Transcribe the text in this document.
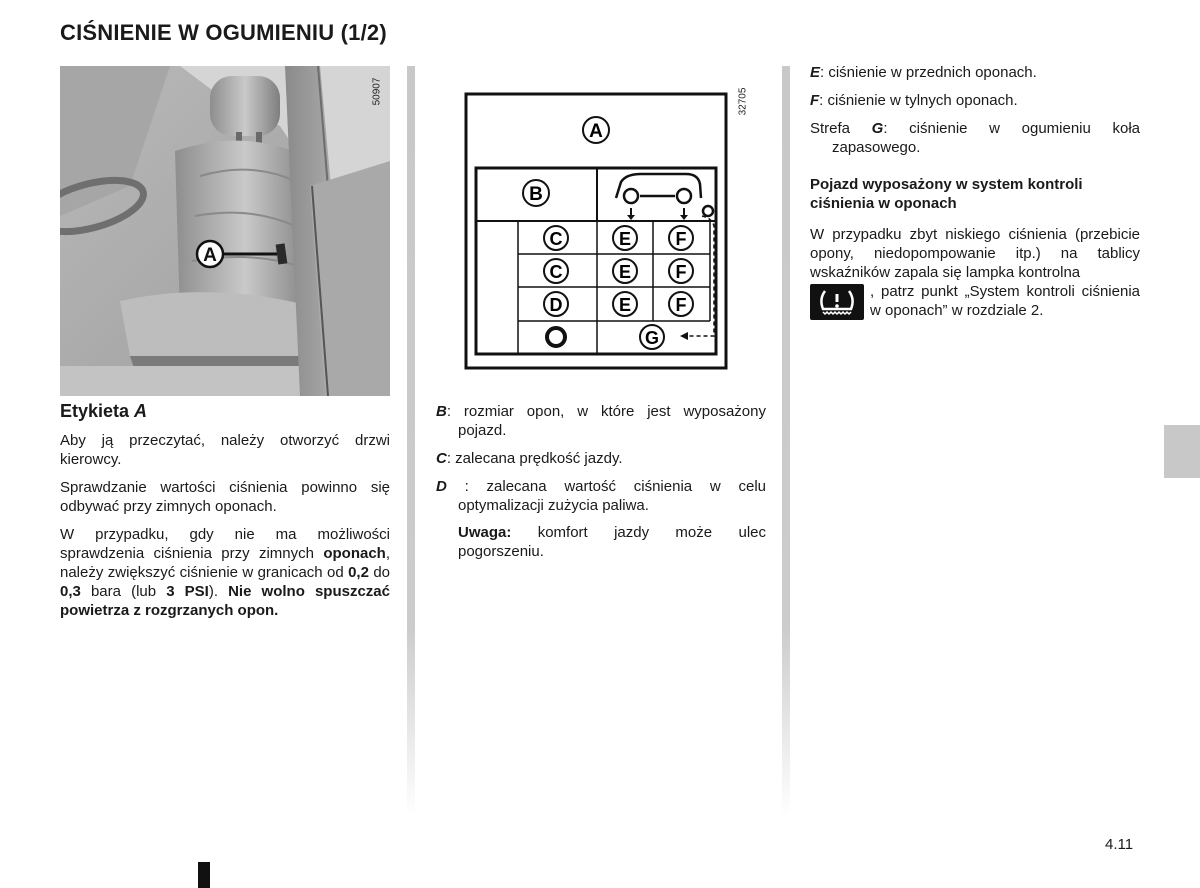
CIŚNIENIE W OGUMIENIU (1/2)
A
50907
Etykieta A

Aby ją przeczytać, należy otworzyć drzwi kierowcy.

Sprawdzanie wartości ciśnienia powinno się odbywać przy zimnych oponach.

W przypadku, gdy nie ma możliwości sprawdzenia ciśnienia przy zimnych oponach, należy zwiększyć ciśnienie w granicach od 0,2 do 0,3 bara (lub 3 PSI). Nie wolno spuszczać powietrza z rozgrzanych opon.

A
B
C	E F
C	E F
D	E F
G
32705

B: rozmiar opon, w które jest wyposażony pojazd.

C: zalecana prędkość jazdy.

D : zalecana wartość ciśnienia w celu optymalizacji zużycia paliwa.

Uwaga: komfort jazdy może ulec pogorszeniu.

E: ciśnienie w przednich oponach.

F: ciśnienie w tylnych oponach.

Strefa G: ciśnienie w ogumieniu koła zapasowego.

Pojazd wyposażony w system kontroli ciśnienia w oponach

W przypadku zbyt niskiego ciśnienia (przebicie opony, niedopompowanie itp.) na tablicy wskaźników zapala się lampka kontrolna

, patrz punkt „System kontroli ciśnienia w oponach” w rozdziale 2.
4.11
